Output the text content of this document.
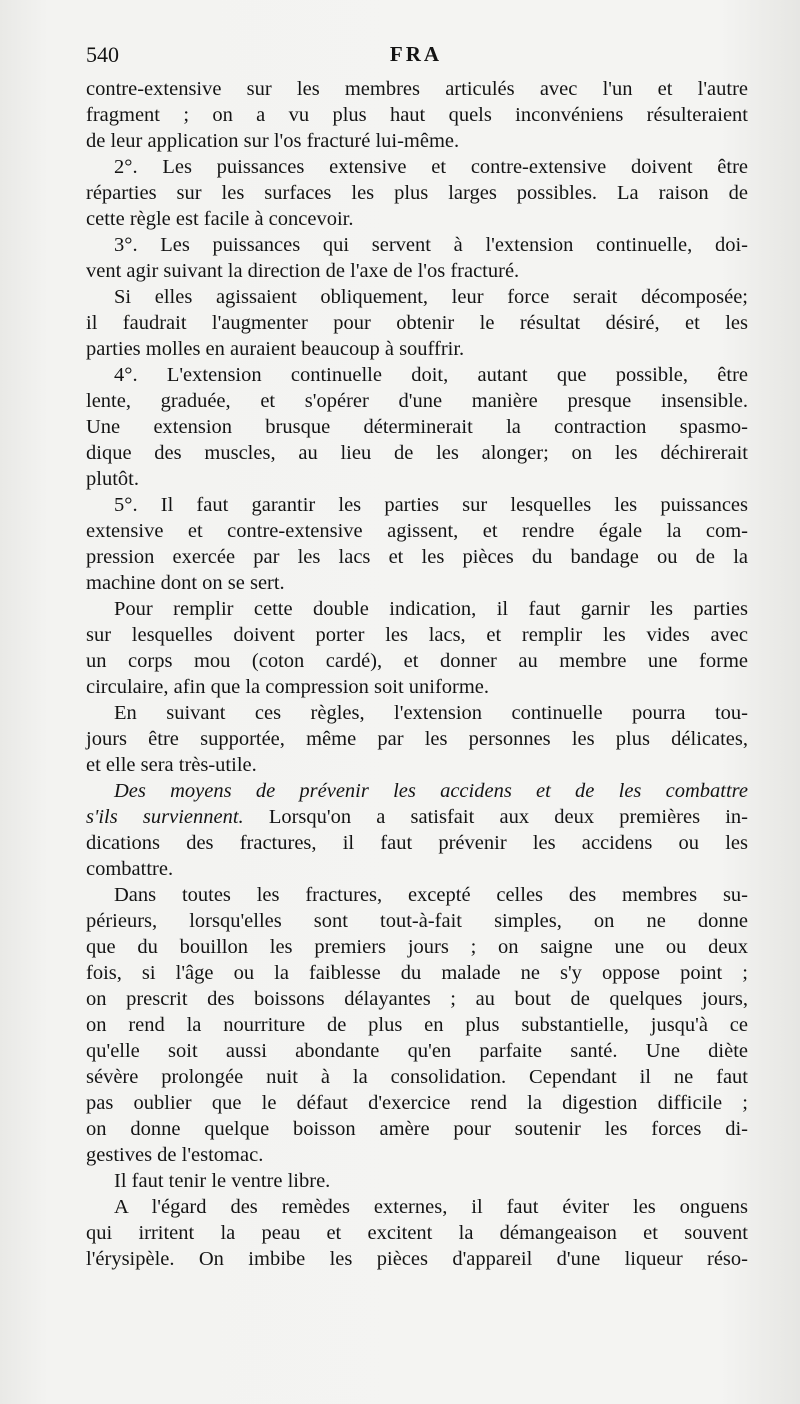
540	FRA
contre-extensive sur les membres articulés avec l'un et l'autre
fragment ; on a vu plus haut quels inconvéniens résulteraient
de leur application sur l'os fracturé lui-même.
2°. Les puissances extensive et contre-extensive doivent être
réparties sur les surfaces les plus larges possibles. La raison de
cette règle est facile à concevoir.
3°. Les puissances qui servent à l'extension continuelle, doi-
vent agir suivant la direction de l'axe de l'os fracturé.
Si elles agissaient obliquement, leur force serait décomposée;
il faudrait l'augmenter pour obtenir le résultat désiré, et les
parties molles en auraient beaucoup à souffrir.
4°. L'extension continuelle doit, autant que possible, être
lente, graduée, et s'opérer d'une manière presque insensible.
Une extension brusque déterminerait la contraction spasmo-
dique des muscles, au lieu de les alonger; on les déchirerait
plutôt.
5°. Il faut garantir les parties sur lesquelles les puissances
extensive et contre-extensive agissent, et rendre égale la com-
pression exercée par les lacs et les pièces du bandage ou de la
machine dont on se sert.
Pour remplir cette double indication, il faut garnir les parties
sur lesquelles doivent porter les lacs, et remplir les vides avec
un corps mou (coton cardé), et donner au membre une forme
circulaire, afin que la compression soit uniforme.
En suivant ces règles, l'extension continuelle pourra tou-
jours être supportée, même par les personnes les plus délicates,
et elle sera très-utile.
Des moyens de prévenir les accidens et de les combattre
s'ils surviennent. Lorsqu'on a satisfait aux deux premières in-
dications des fractures, il faut prévenir les accidens ou les
combattre.
Dans toutes les fractures, excepté celles des membres su-
périeurs, lorsqu'elles sont tout-à-fait simples, on ne donne
que du bouillon les premiers jours ; on saigne une ou deux
fois, si l'âge ou la faiblesse du malade ne s'y oppose point ;
on prescrit des boissons délayantes ; au bout de quelques jours,
on rend la nourriture de plus en plus substantielle, jusqu'à ce
qu'elle soit aussi abondante qu'en parfaite santé. Une diète
sévère prolongée nuit à la consolidation. Cependant il ne faut
pas oublier que le défaut d'exercice rend la digestion difficile ;
on donne quelque boisson amère pour soutenir les forces di-
gestives de l'estomac.
Il faut tenir le ventre libre.
A l'égard des remèdes externes, il faut éviter les onguens
qui irritent la peau et excitent la démangeaison et souvent
l'érysipèle. On imbibe les pièces d'appareil d'une liqueur réso-
